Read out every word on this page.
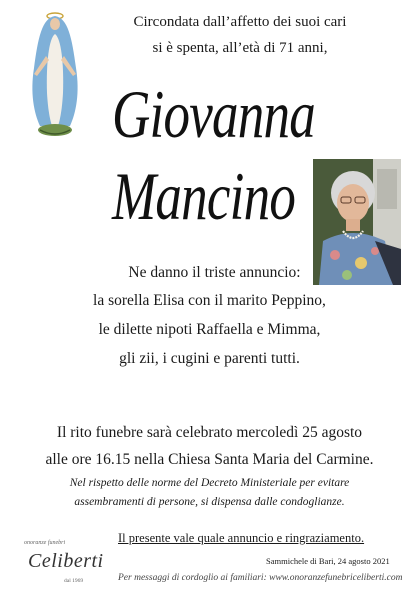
Circondata dall’affetto dei suoi cari
si è spenta, all’età di 71 anni,
Giovanna
Mancino
Ne danno il triste annuncio:
la sorella Elisa con il marito Peppino,
le dilette nipoti Raffaella e Mimma,
gli zii, i cugini e parenti tutti.
Il rito funebre sarà celebrato mercoledì 25 agosto
alle ore 16.15 nella Chiesa Santa Maria del Carmine.
Nel rispetto delle norme del Decreto Ministeriale per evitare
assembramenti di persone, si dispensa dalle condoglianze.
onoranze funebri
Celiberti
dal 1969
Il presente vale quale annuncio e ringraziamento.
Sammichele di Bari, 24 agosto 2021
Per messaggi di cordoglio ai familiari: www.onoranzefunebriceliberti.com
